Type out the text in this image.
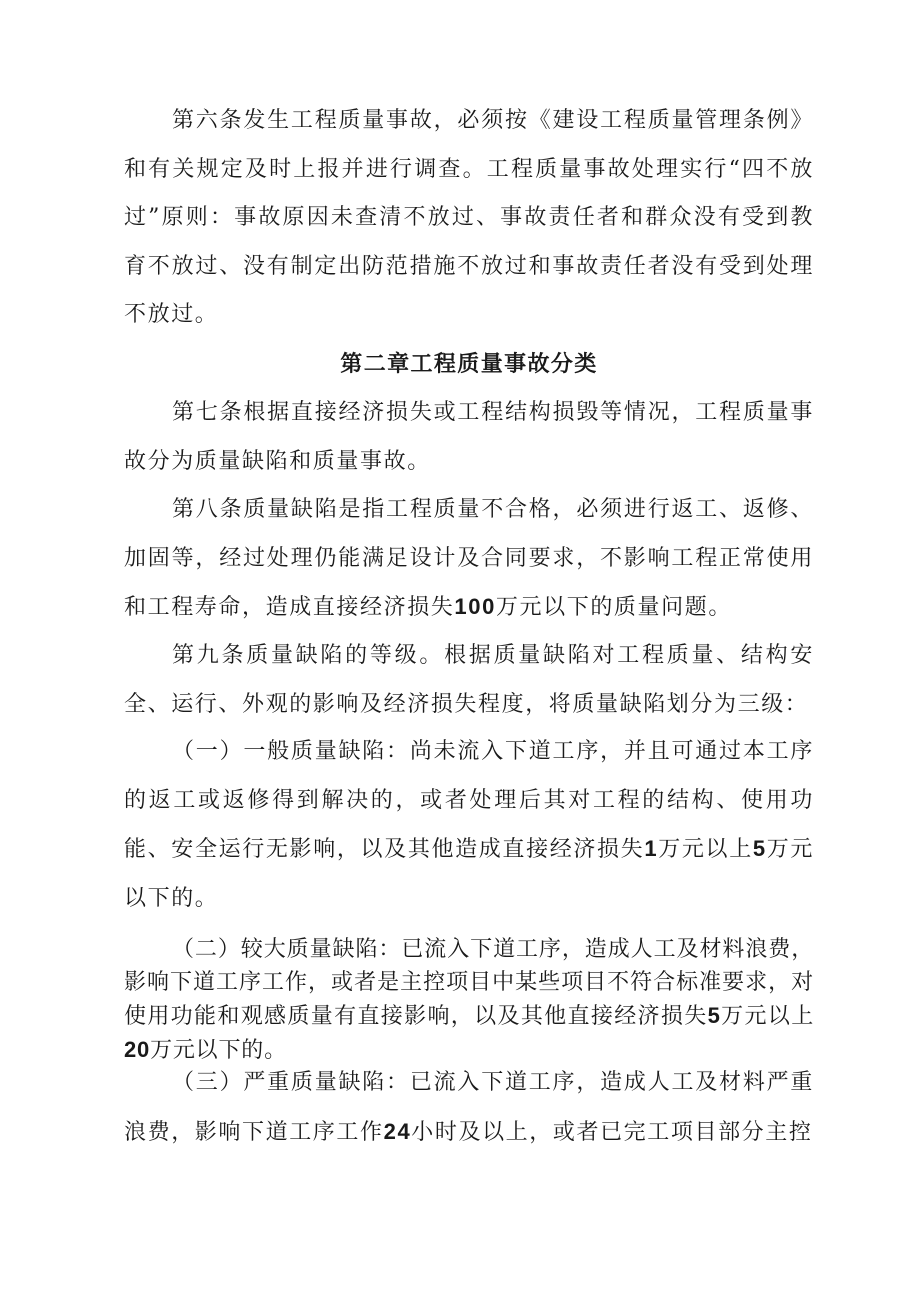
第六条发生工程质量事故，必须按《建设工程质量管理条例》和有关规定及时上报并进行调查。工程质量事故处理实行“四不放过”原则：事故原因未查清不放过、事故责任者和群众没有受到教育不放过、没有制定出防范措施不放过和事故责任者没有受到处理不放过。

第二章工程质量事故分类

第七条根据直接经济损失或工程结构损毁等情况，工程质量事故分为质量缺陷和质量事故。

第八条质量缺陷是指工程质量不合格，必须进行返工、返修、加固等，经过处理仍能满足设计及合同要求，不影响工程正常使用和工程寿命，造成直接经济损失100万元以下的质量问题。

第九条质量缺陷的等级。根据质量缺陷对工程质量、结构安全、运行、外观的影响及经济损失程度，将质量缺陷划分为三级：

（一）一般质量缺陷：尚未流入下道工序，并且可通过本工序的返工或返修得到解决的，或者处理后其对工程的结构、使用功能、安全运行无影响，以及其他造成直接经济损失1万元以上5万元以下的。

（二）较大质量缺陷：已流入下道工序，造成人工及材料浪费，影响下道工序工作，或者是主控项目中某些项目不符合标准要求，对使用功能和观感质量有直接影响，以及其他直接经济损失5万元以上20万元以下的。

（三）严重质量缺陷：已流入下道工序，造成人工及材料严重浪费，影响下道工序工作24小时及以上，或者已完工项目部分主控
